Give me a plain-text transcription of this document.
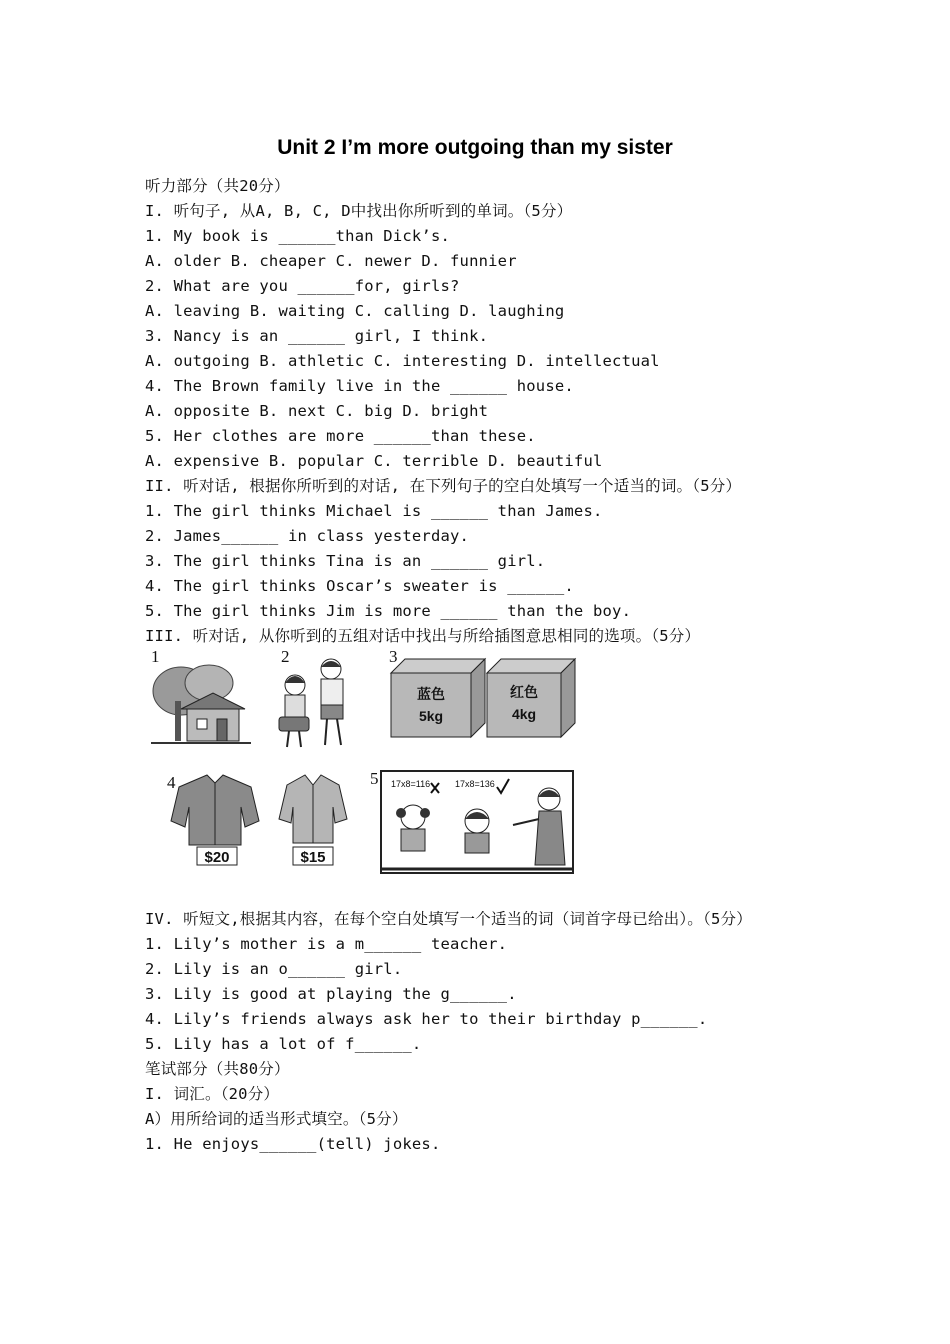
Unit 2 I’m more outgoing than my sister
听力部分（共20分）
I. 听句子, 从A, B, C, D中找出你所听到的单词。（5分）
1. My book is ______than Dick’s.
A. older B. cheaper C. newer D. funnier
2. What are you ______for, girls?
A. leaving B. waiting C. calling D. laughing
3. Nancy is an ______ girl, I think.
A. outgoing B. athletic C. interesting D. intellectual
4. The Brown family live in the ______ house.
A. opposite B. next C. big D. bright
5. Her clothes are more ______than these.
A. expensive B. popular C. terrible D. beautiful
II. 听对话, 根据你所听到的对话, 在下列句子的空白处填写一个适当的词。（5分）
1. The girl thinks Michael is ______ than James.
2. James______ in class yesterday.
3. The girl thinks Tina is an ______ girl.
4. The girl thinks Oscar’s sweater is ______.
5. The girl thinks Jim is more ______ than the boy.
III. 听对话, 从你听到的五组对话中找出与所给插图意思相同的选项。（5分）
1	2	3
蓝色
5kg
红色
4kg
4
$20	$15
5 17x8=116	17x8=136
IV. 听短文,根据其内容，在每个空白处填写一个适当的词（词首字母已给出）。（5分）
1. Lily’s mother is a m______ teacher.
2. Lily is an o______ girl.
3. Lily is good at playing the g______.
4. Lily’s friends always ask her to their birthday p______.
5. Lily has a lot of f______.
笔试部分（共80分）
I. 词汇。（20分）
A）用所给词的适当形式填空。（5分）
1. He enjoys______(tell) jokes.
